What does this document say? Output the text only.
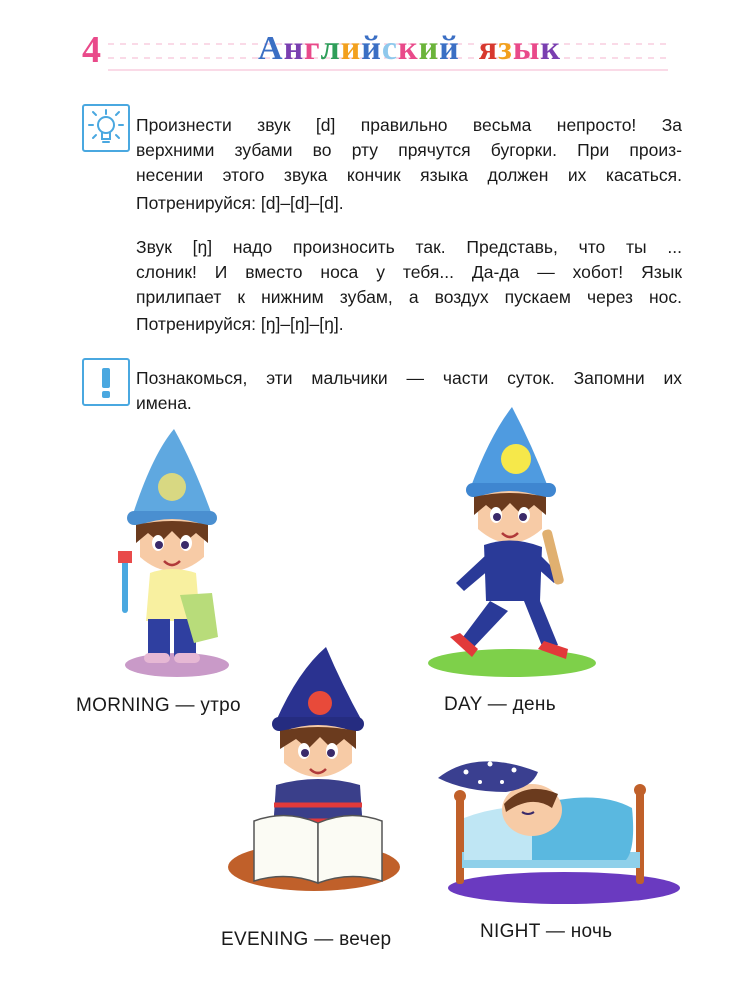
4	Английский язык

Произнести звук [d] правильно весьма непросто! За

верхними зубами во рту прячутся бугорки. При произ-

несении этого звука кончик языка должен их касаться.

Потренируйся: [d]–[d]–[d].

Звук [ŋ] надо произносить так. Представь, что ты ...

слоник! И вместо носа у тебя... Да-да — хобот! Язык

прилипает к нижним зубам, а воздух пускаем через нос.

Потренируйся: [ŋ]–[ŋ]–[ŋ].

Познакомься, эти мальчики — части суток. Запомни их

имена.

MORNING — утро	DAY — день
EVENING — вечер	NIGHT — ночь
